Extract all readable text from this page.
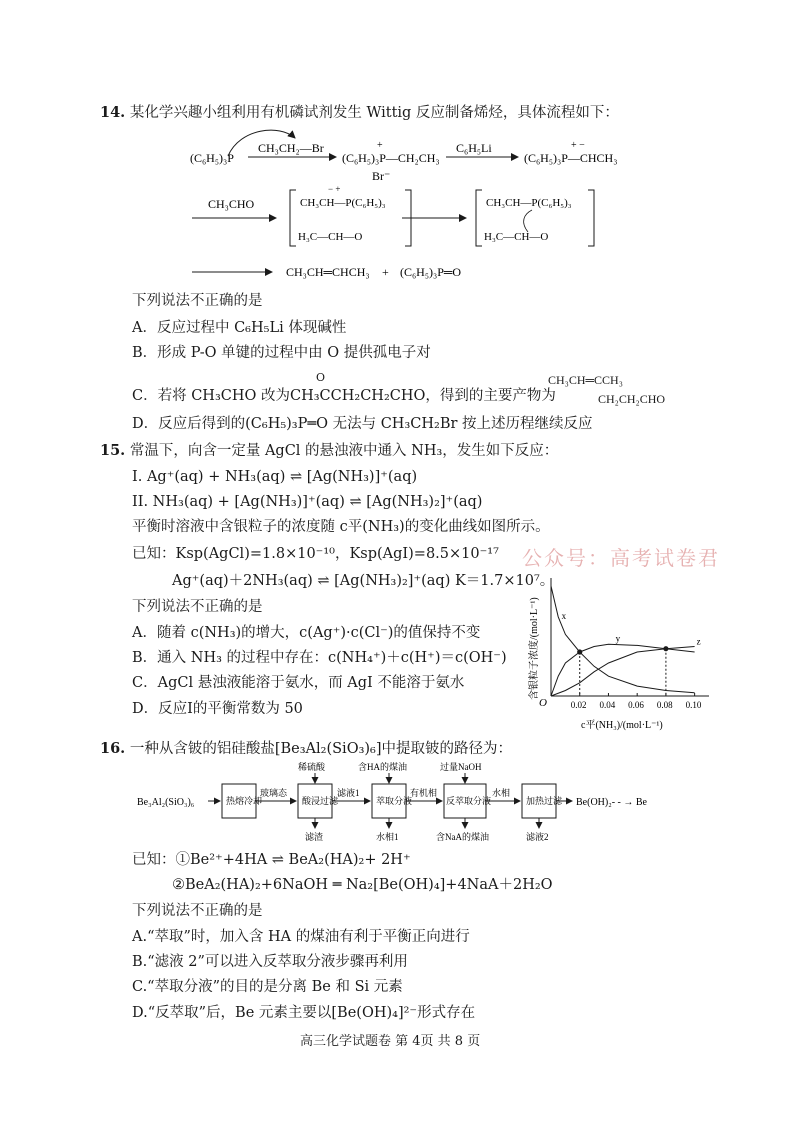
14. 某化学兴趣小组利用有机磷试剂发生 Wittig 反应制备烯烃，具体流程如下：
(C₆H₅)₃P
CH₃CH₂—Br	+
(C₆H₅)₃P—CH₂CH₃
Br⁻
C₆H₅Li	+ −
(C₆H₅)₃P—CHCH₃
CH₃CHO
− +
CH₃CH—P(C₆H₅)₃
H₃C—CH—O
CH₃CH—P(C₆H₅)₃
H₃C—CH—O
CH₃CH═CHCH₃ + (C₆H₅)₃P═O
下列说法不正确的是
A．反应过程中 C₆H₅Li 体现碱性
B．形成 P-O 单键的过程中由 O 提供孤电子对
C．若将 CH₃CHO 改为
O
CH₃CCH₂CH₂CHO，得到的主要产物为
CH₃CH═CCH₃
CH₂CH₂CHO
D．反应后得到的(C₆H₅)₃P═O 无法与 CH₃CH₂Br 按上述历程继续反应
15. 常温下，向含一定量 AgCl 的悬浊液中通入 NH₃，发生如下反应：
I. Ag⁺(aq) + NH₃(aq) ⇌ [Ag(NH₃)]⁺(aq)
II. NH₃(aq) + [Ag(NH₃)]⁺(aq) ⇌ [Ag(NH₃)₂]⁺(aq)
平衡时溶液中含银粒子的浓度随 c平(NH₃)的变化曲线如图所示。
已知：Ksp(AgCl)=1.8×10⁻¹⁰，Ksp(AgI)=8.5×10⁻¹⁷
Ag⁺(aq)＋2NH₃(aq) ⇌ [Ag(NH₃)₂]⁺(aq) K＝1.7×10⁷。
公众号：高考试卷君
下列说法不正确的是
A．随着 c(NH₃)的增大，c(Ag⁺)·c(Cl⁻)的值保持不变
B．通入 NH₃ 的过程中存在：c(NH₄⁺)＋c(H⁺)＝c(OH⁻)
C．AgCl 悬浊液能溶于氨水，而 AgI 不能溶于氨水
D．反应I的平衡常数为 50
含银粒子浓度/(mol·L⁻¹)
O	0.02 0.04 0.06 0.08 0.10
x
y	z
c平(NH₃)/(mol·L⁻¹)
16. 一种从含铍的铝硅酸盐[Be₃Al₂(SiO₃)₆]中提取铍的路径为：
Be₃Al₂(SiO₃)₆	热熔冷却
玻璃态
酸浸过滤
稀硫酸
滤渣
滤液1
萃取分液
含HA的煤油
水相1
有机相
反萃取分液
过量NaOH
含NaA的煤油
水相
加热过滤
滤液2
Be(OH)₂- - → Be
已知：①Be²⁺+4HA ⇌ BeA₂(HA)₂+ 2H⁺
②BeA₂(HA)₂+6NaOH ═ Na₂[Be(OH)₄]+4NaA＋2H₂O
下列说法不正确的是
A.“萃取”时，加入含 HA 的煤油有利于平衡正向进行
B.“滤液 2”可以进入反萃取分液步骤再利用
C.“萃取分液”的目的是分离 Be 和 Si 元素
D.“反萃取”后，Be 元素主要以[Be(OH)₄]²⁻形式存在
高三化学试题卷 第 4页 共 8 页
